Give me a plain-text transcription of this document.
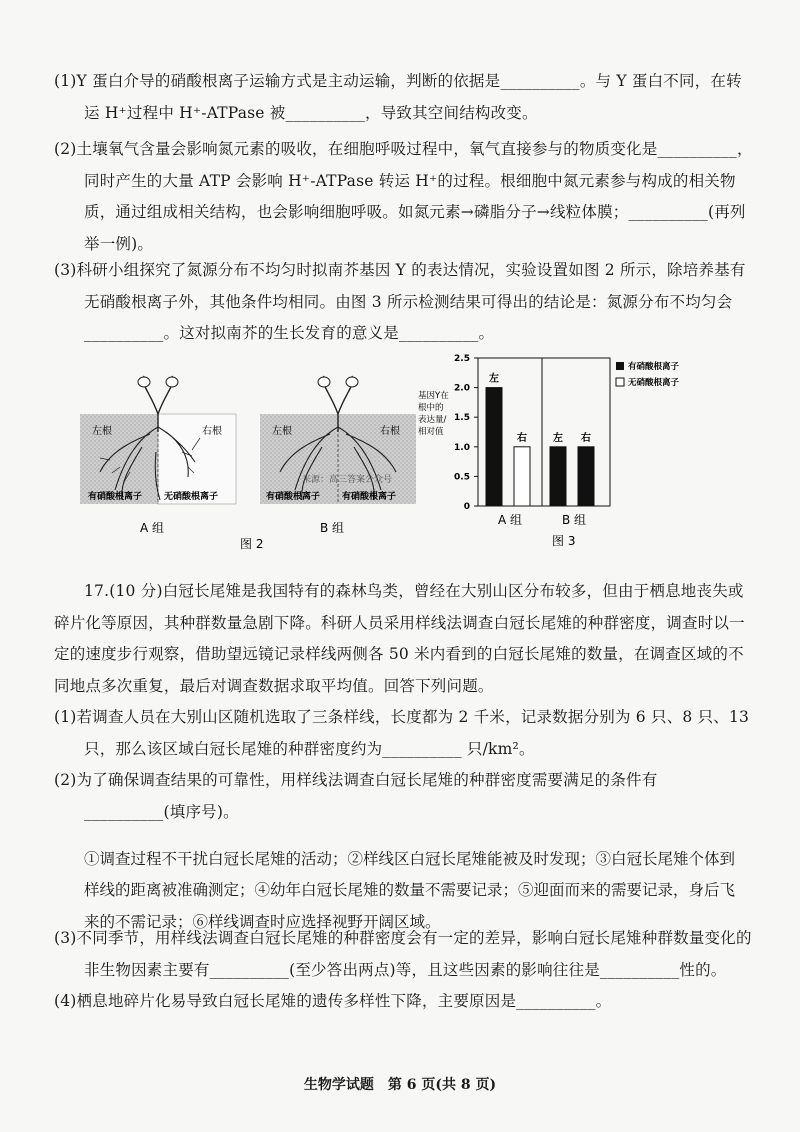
(1)Y 蛋白介导的硝酸根离子运输方式是主动运输，判断的依据是__________。与 Y 蛋白不同，在转运 H⁺过程中 H⁺-ATPase 被__________，导致其空间结构改变。

(2)土壤氧气含量会影响氮元素的吸收，在细胞呼吸过程中，氧气直接参与的物质变化是__________，同时产生的大量 ATP 会影响 H⁺-ATPase 转运 H⁺的过程。根细胞中氮元素参与构成的相关物质，通过组成相关结构，也会影响细胞呼吸。如氮元素→磷脂分子→线粒体膜；__________(再列举一例)。

(3)科研小组探究了氮源分布不均匀时拟南芥基因 Y 的表达情况，实验设置如图 2 所示，除培养基有无硝酸根离子外，其他条件均相同。由图 3 所示检测结果可得出的结论是：氮源分布不均匀会__________。这对拟南芥的生长发育的意义是__________。

左根	右根
有硝酸根离子 无硝酸根离子
A 组
左根	右根
来源：高三答案公众号
有硝酸根离子 有硝酸根离子
B 组
图 2
基因Y在
根中的
表达量/
相对值
0
0.5
1.0
1.5
2.0
2.5
左
右	左 右
A 组	B 组
有硝酸根离子
无硝酸根离子
图 3

17.(10 分)白冠长尾雉是我国特有的森林鸟类，曾经在大别山区分布较多，但由于栖息地丧失或碎片化等原因，其种群数量急剧下降。科研人员采用样线法调查白冠长尾雉的种群密度，调查时以一定的速度步行观察，借助望远镜记录样线两侧各 50 米内看到的白冠长尾雉的数量，在调查区域的不同地点多次重复，最后对调查数据求取平均值。回答下列问题。

(1)若调查人员在大别山区随机选取了三条样线，长度都为 2 千米，记录数据分别为 6 只、8 只、13 只，那么该区域白冠长尾雉的种群密度约为__________ 只/km²。

(2)为了确保调查结果的可靠性，用样线法调查白冠长尾雉的种群密度需要满足的条件有__________(填序号)。

①调查过程不干扰白冠长尾雉的活动；②样线区白冠长尾雉能被及时发现；③白冠长尾雉个体到样线的距离被准确测定；④幼年白冠长尾雉的数量不需要记录；⑤迎面而来的需要记录，身后飞来的不需记录；⑥样线调查时应选择视野开阔区域。

(3)不同季节，用样线法调查白冠长尾雉的种群密度会有一定的差异，影响白冠长尾雉种群数量变化的非生物因素主要有__________(至少答出两点)等，且这些因素的影响往往是__________性的。

(4)栖息地碎片化易导致白冠长尾雉的遗传多样性下降，主要原因是__________。

生物学试题　第 6 页(共 8 页)
